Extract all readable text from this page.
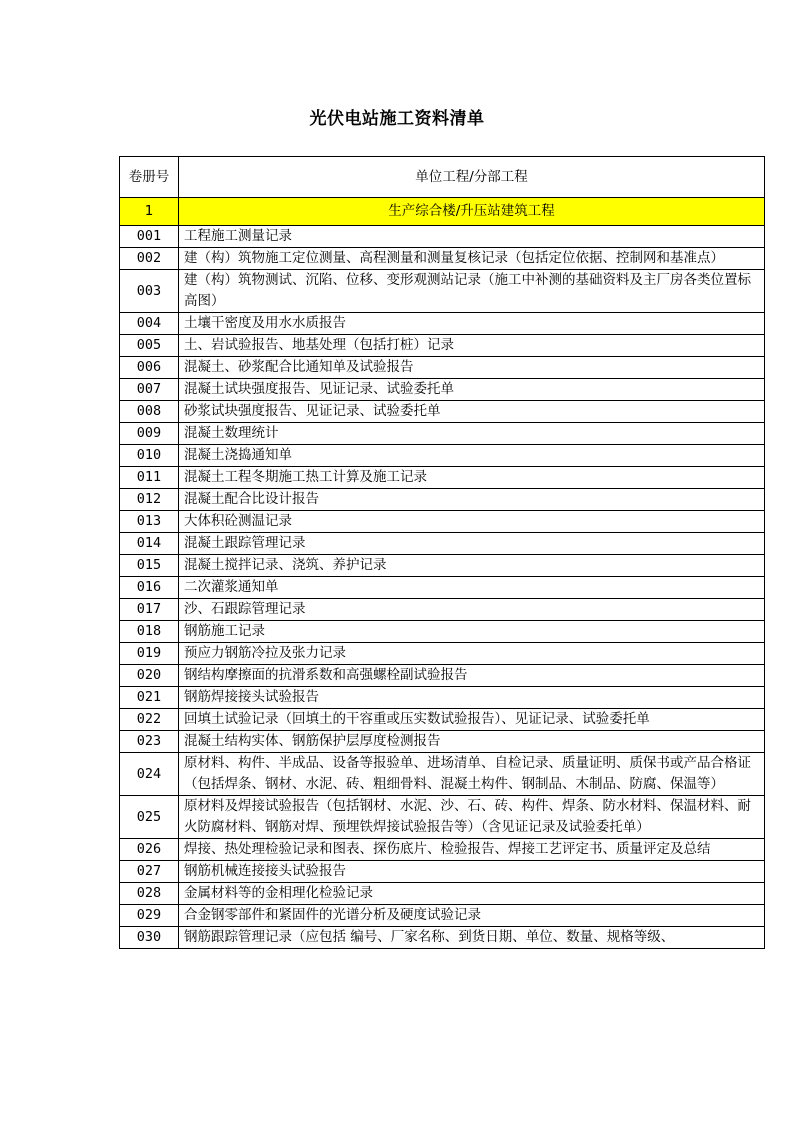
光伏电站施工资料清单
卷册号	单位工程/分部工程
1	生产综合楼/升压站建筑工程
001	工程施工测量记录
002	建（构）筑物施工定位测量、高程测量和测量复核记录（包括定位依据、控制网和基准点）
003	建（构）筑物测试、沉陷、位移、变形观测站记录（施工中补测的基础资料及主厂房各类位置标高图）
004	土壤干密度及用水水质报告
005	土、岩试验报告、地基处理（包括打桩）记录
006	混凝土、砂浆配合比通知单及试验报告
007	混凝土试块强度报告、见证记录、试验委托单
008	砂浆试块强度报告、见证记录、试验委托单
009	混凝土数理统计
010	混凝土浇捣通知单
011	混凝土工程冬期施工热工计算及施工记录
012	混凝土配合比设计报告
013	大体积砼测温记录
014	混凝土跟踪管理记录
015	混凝土搅拌记录、浇筑、养护记录
016	二次灌浆通知单
017	沙、石跟踪管理记录
018	钢筋施工记录
019	预应力钢筋冷拉及张力记录
020	钢结构摩擦面的抗滑系数和高强螺栓副试验报告
021	钢筋焊接接头试验报告
022	回填土试验记录（回填土的干容重或压实数试验报告）、见证记录、试验委托单
023	混凝土结构实体、钢筋保护层厚度检测报告
024	原材料、构件、半成品、设备等报验单、进场清单、自检记录、质量证明、质保书或产品合格证（包括焊条、钢材、水泥、砖、粗细骨料、混凝土构件、钢制品、木制品、防腐、保温等）
025	原材料及焊接试验报告（包括钢材、水泥、沙、石、砖、构件、焊条、防水材料、保温材料、耐火防腐材料、钢筋对焊、预埋铁焊接试验报告等）（含见证记录及试验委托单）
026	焊接、热处理检验记录和图表、探伤底片、检验报告、焊接工艺评定书、质量评定及总结
027	钢筋机械连接接头试验报告
028	金属材料等的金相理化检验记录
029	合金钢零部件和紧固件的光谱分析及硬度试验记录
030	钢筋跟踪管理记录（应包括 编号、厂家名称、到货日期、单位、数量、规格等级、
